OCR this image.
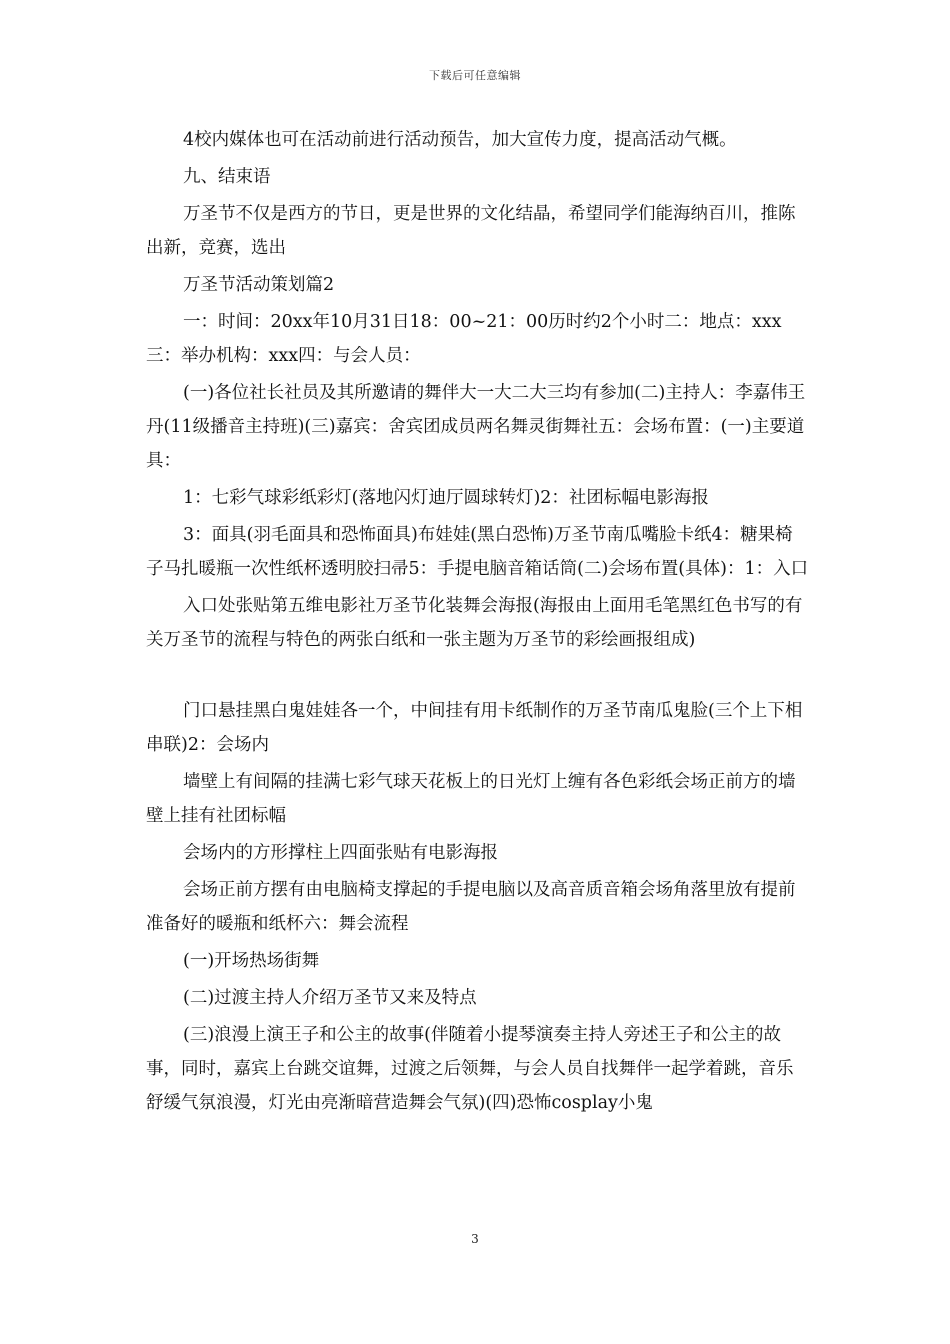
下载后可任意编辑

4校内媒体也可在活动前进行活动预告，加大宣传力度，提高活动气概。

九、结束语

万圣节不仅是西方的节日，更是世界的文化结晶，希望同学们能海纳百川，推陈出新，竞赛，选出

万圣节活动策划篇2

一：时间：20xx年10月31日18：00~21：00历时约2个小时二：地点：xxx三：举办机构：xxx四：与会人员：

(一)各位社长社员及其所邀请的舞伴大一大二大三均有参加(二)主持人：李嘉伟王丹(11级播音主持班)(三)嘉宾：舍宾团成员两名舞灵街舞社五：会场布置：(一)主要道具：

1：七彩气球彩纸彩灯(落地闪灯迪厅圆球转灯)2：社团标幅电影海报

3：面具(羽毛面具和恐怖面具)布娃娃(黑白恐怖)万圣节南瓜嘴脸卡纸4：糖果椅子马扎暖瓶一次性纸杯透明胶扫帚5：手提电脑音箱话筒(二)会场布置(具体)：1：入口

入口处张贴第五维电影社万圣节化装舞会海报(海报由上面用毛笔黑红色书写的有关万圣节的流程与特色的两张白纸和一张主题为万圣节的彩绘画报组成)

门口悬挂黑白鬼娃娃各一个，中间挂有用卡纸制作的万圣节南瓜鬼脸(三个上下相串联)2：会场内

墙壁上有间隔的挂满七彩气球天花板上的日光灯上缠有各色彩纸会场正前方的墙壁上挂有社团标幅

会场内的方形撑柱上四面张贴有电影海报

会场正前方摆有由电脑椅支撑起的手提电脑以及高音质音箱会场角落里放有提前准备好的暖瓶和纸杯六：舞会流程

(一)开场热场街舞

(二)过渡主持人介绍万圣节又来及特点

(三)浪漫上演王子和公主的故事(伴随着小提琴演奏主持人旁述王子和公主的故事，同时，嘉宾上台跳交谊舞，过渡之后领舞，与会人员自找舞伴一起学着跳，音乐舒缓气氛浪漫，灯光由亮渐暗营造舞会气氛)(四)恐怖cosplay小鬼

3
